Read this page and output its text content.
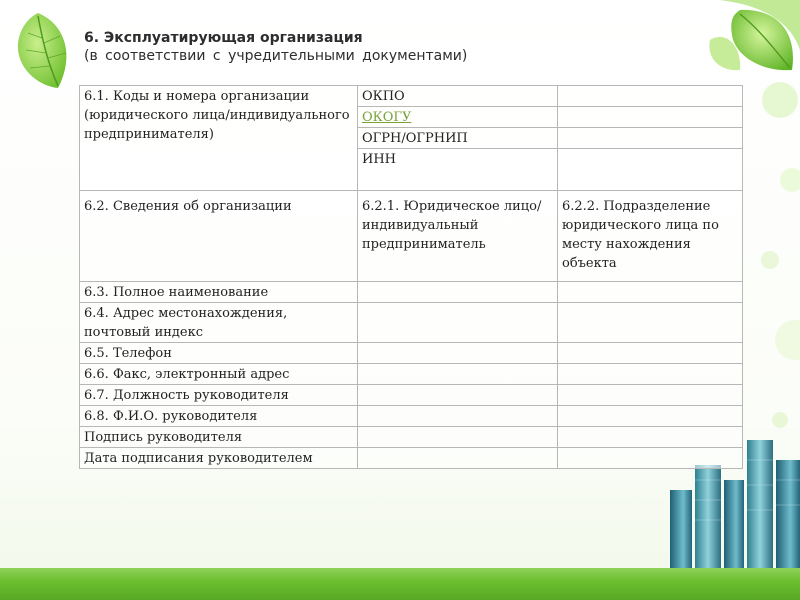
6. Эксплуатирующая организация

(в соответствии с учредительными документами)

6.1. Коды и номера организации (юридического лица/индивидуального предпринимателя)	ОКПО	
	ОКОГУ	
	ОГРН/ОГРНИП	
	ИНН	
6.2. Сведения об организации	6.2.1. Юридическое лицо/индивидуальный предприниматель	6.2.2. Подразделение юридического лица по месту нахождения объекта
6.3. Полное наименование		
6.4. Адрес местонахождения, почтовый индекс		
6.5. Телефон		
6.6. Факс, электронный адрес		
6.7. Должность руководителя		
6.8. Ф.И.О. руководителя		
Подпись руководителя		
Дата подписания руководителем		
